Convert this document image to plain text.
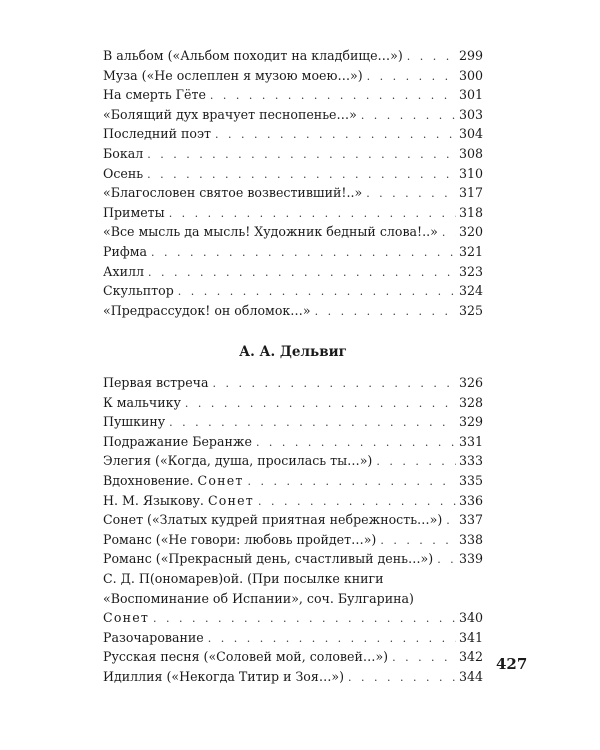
В альбом («Альбом походит на кладбище…») . . .	299
Муза («Не ослеплен я музою моею…») . . .	300
На смерть Гёте . . .	301
«Болящий дух врачует песнопенье…» . . .	303
Последний поэт . . .	304
Бокал . . .	308
Осень . . .	310
«Благословен святое возвестивший!..» . . .	317
Приметы . . .	318
«Все мысль да мысль! Художник бедный слова!..» . . . 320
Рифма . . .	321
Ахилл . . .	323
Скульптор . . .	324
«Предрассудок! он обломок…» . . .	325
А. А. Дельвиг
Первая встреча . . .	326
К мальчику . . .	328
Пушкину . . .	329
Подражание Беранже . . .	331
Элегия («Когда, душа, просилась ты…») . . .	333
Вдохновение. Сонет . . .	335
Н. М. Языкову. Сонет . . .	336
Сонет («Златых кудрей приятная небрежность…») . . . 337
Романс («Не говори: любовь пройдет…») . . .	338
Романс («Прекрасный день, счастливый день…») . . . 339
С. Д. П(ономарев)ой. (При посылке книги
«Воспоминание об Испании», соч. Булгарина)
Сонет . . .	340
Разочарование . . .	341
Русская песня («Соловей мой, соловей…») . . .	342
Идиллия («Некогда Титир и Зоя…») . . .	344
427
